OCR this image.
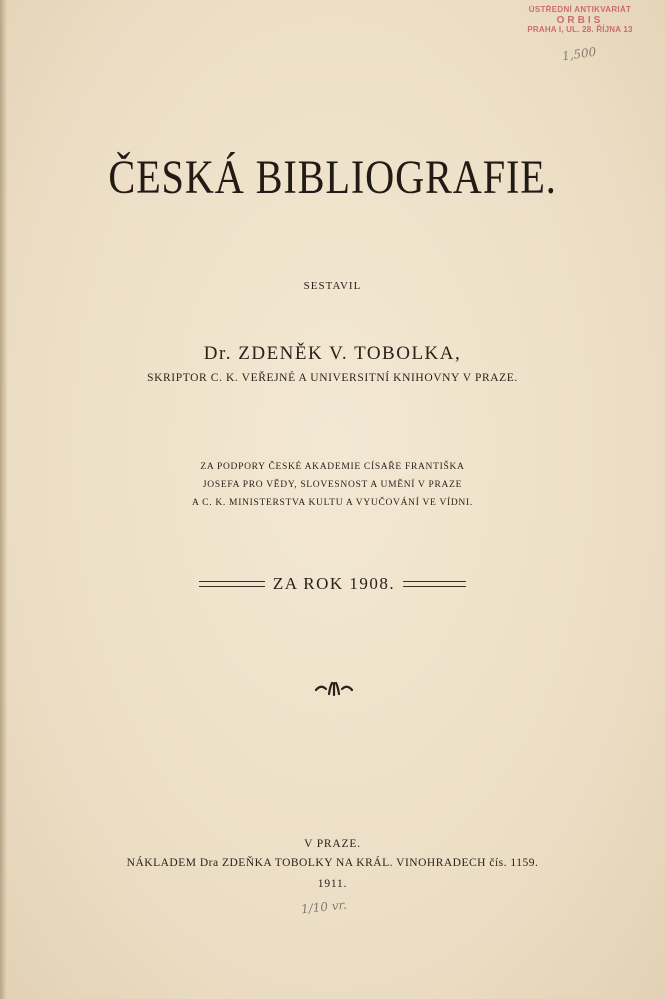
ÚSTŘEDNÍ ANTIKVARIÁT
ORBIS
PRAHA I, UL. 28. ŘÍJNA 13
1,500
ČESKÁ BIBLIOGRAFIE.
SESTAVIL
Dr. ZDENĚK V. TOBOLKA,
SKRIPTOR C. K. VEŘEJNÉ A UNIVERSITNÍ KNIHOVNY V PRAZE.
ZA PODPORY ČESKÉ AKADEMIE CÍSAŘE FRANTIŠKA
JOSEFA PRO VĚDY, SLOVESNOST A UMĚNÍ V PRAZE
A C. K. MINISTERSTVA KULTU A VYUČOVÁNÍ VE VÍDNI.
ZA ROK 1908.
V PRAZE.
NÁKLADEM Dra ZDEŇKA TOBOLKY NA KRÁL. VINOHRADECH čís. 1159.
1911.
1/10 vr.
